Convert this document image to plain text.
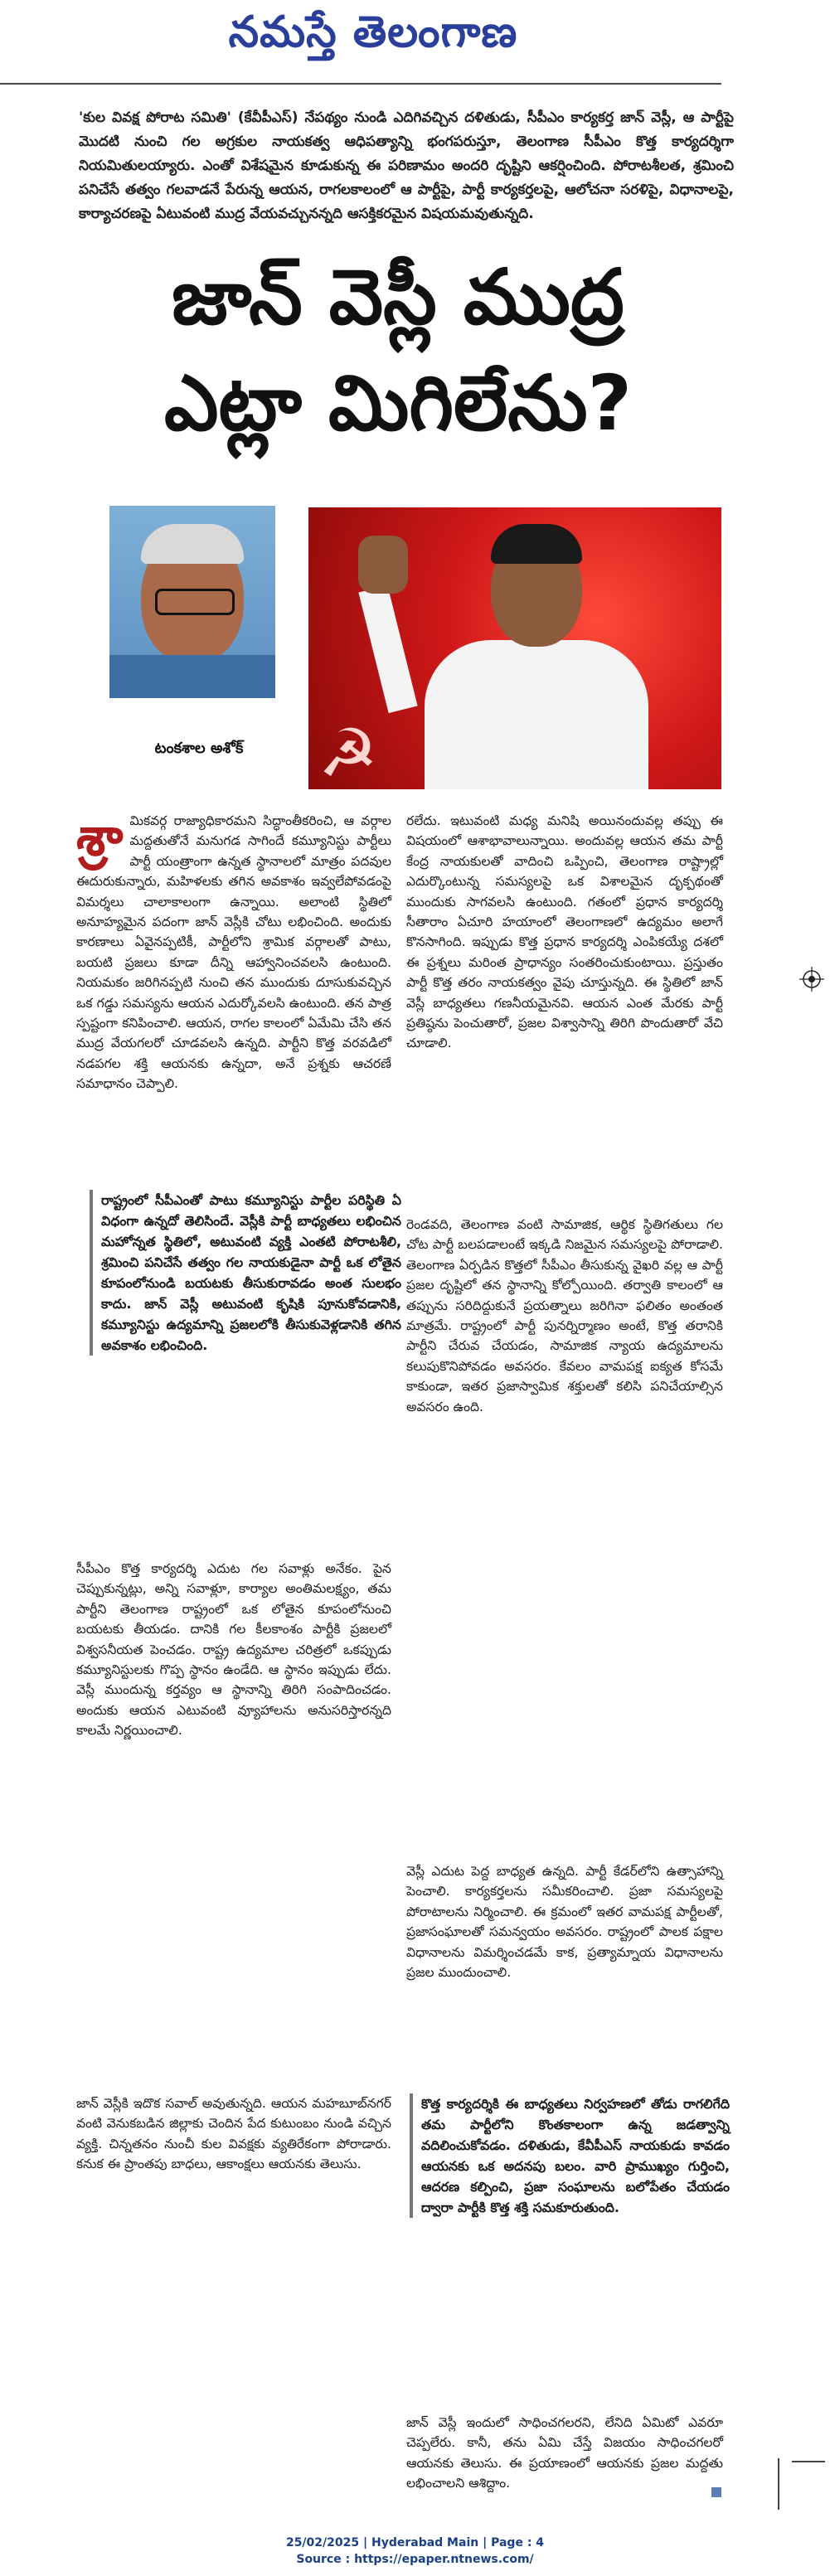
నమస్తే తెలంగాణ
'కుల వివక్ష పోరాట సమితి' (కేవీపీఎస్) నేపథ్యం నుండి ఎదిగివచ్చిన దళితుడు, సీపీఎం కార్యకర్త జాన్ వెస్లీ, ఆ పార్టీపై మొదటి నుంచి గల అగ్రకుల నాయకత్వ ఆధిపత్యాన్ని భంగపరుస్తూ, తెలంగాణ సీపీఎం కొత్త కార్యదర్శిగా నియమితులయ్యారు. ఎంతో విశేషమైన కూడుకున్న ఈ పరిణామం అందరి దృష్టిని ఆకర్షించింది. పోరాటశీలత, శ్రమించి పనిచేసే తత్వం గలవాడనే పేరున్న ఆయన, రాగలకాలంలో ఆ పార్టీపై, పార్టీ కార్యకర్తలపై, ఆలోచనా సరళిపై, విధానాలపై, కార్యాచరణపై ఏటువంటి ముద్ర వేయవచ్చునన్నది ఆసక్తికరమైన విషయమవుతున్నది.
జాన్ వెస్లీ ముద్ర
ఎట్లా మిగిలేను?
టంకశాల అశోక్	☭
శ్రా మికవర్గ రాజ్యాధికారమని సిద్ధాంతీకరించి, ఆ వర్గాల మద్దతుతోనే మనుగడ సాగిందే కమ్యూనిస్టు పార్టీలు పార్టీ యంత్రాంగా ఉన్నత స్థానాలలో మాత్రం పదవుల ఈదురుకున్నారు, మహిళలకు తగిన అవకాశం ఇవ్వలేపోవడంపై విమర్శలు చాలాకాలంగా ఉన్నాయి. అలాంటి స్థితిలో అనూహ్యమైన పదంగా జాన్ వెస్లీకి చోటు లభించింది. అందుకు కారణాలు ఏవైనప్పటికీ, పార్టీలోని శ్రామిక వర్గాలతో పాటు, బయటి ప్రజలు కూడా దీన్ని ఆహ్వానించవలసి ఉంటుంది. నియమకం జరిగినప్పటి నుంచి తన ముందుకు దూసుకువచ్చిన ఒక గడ్డు సమస్యను ఆయన ఎదుర్కోవలసి ఉంటుంది. తన పాత్ర స్పష్టంగా కనిపించాలి. ఆయన, రాగల కాలంలో ఏమేమి చేసి తన ముద్ర వేయగలరో చూడవలసి ఉన్నది. పార్టీని కొత్త వరవడిలో నడపగల శక్తి ఆయనకు ఉన్నదా, అనే ప్రశ్నకు ఆచరణే సమాధానం చెప్పాలి.
రలేదు. ఇటువంటి మధ్య మనిషి అయినందువల్ల తప్పు ఈ విషయంలో ఆశాభావాలున్నాయి. అందువల్ల ఆయన తమ పార్టీ కేంద్ర నాయకులతో వాదించి ఒప్పించి, తెలంగాణ రాష్ట్రాల్లో ఎదుర్కొంటున్న సమస్యలపై ఒక విశాలమైన దృక్పథంతో ముందుకు సాగవలసి ఉంటుంది. గతంలో ప్రధాన కార్యదర్శి సీతారాం ఏచూరి హయాంలో తెలంగాణలో ఉద్యమం అలాగే కొనసాగింది. ఇప్పుడు కొత్త ప్రధాన కార్యదర్శి ఎంపికయ్యే దశలో ఈ ప్రశ్నలు మరింత ప్రాధాన్యం సంతరించుకుంటాయి. ప్రస్తుతం పార్టీ కొత్త తరం నాయకత్వం వైపు చూస్తున్నది. ఈ స్థితిలో జాన్ వెస్లీ బాధ్యతలు గణనీయమైనవి. ఆయన ఎంత మేరకు పార్టీ ప్రతిష్ఠను పెంచుతారో, ప్రజల విశ్వాసాన్ని తిరిగి పొందుతారో వేచి చూడాలి.
రాష్ట్రంలో సీపీఎంతో పాటు కమ్యూనిస్టు పార్టీల పరిస్థితి ఏ విధంగా ఉన్నదో తెలిసిందే. వెస్లీకి పార్టీ బాధ్యతలు లభించిన మహోన్నత స్థితిలో, అటువంటి వ్యక్తి ఎంతటి పోరాటశీలి, శ్రమించి పనిచేసే తత్వం గల నాయకుడైనా పార్టీ ఒక లోతైన కూపంలోనుండి బయటకు తీసుకురావడం అంత సులభం కాదు. జాన్ వెస్లీ అటువంటి కృషికి పూనుకోవడానికి, కమ్యూనిస్టు ఉద్యమాన్ని ప్రజలలోకి తీసుకువెళ్లడానికి తగిన అవకాశం లభించింది.
రెండవది, తెలంగాణ వంటి సామాజిక, ఆర్థిక స్థితిగతులు గల చోట పార్టీ బలపడాలంటే ఇక్కడి నిజమైన సమస్యలపై పోరాడాలి. తెలంగాణ ఏర్పడిన కొత్తలో సీపీఎం తీసుకున్న వైఖరి వల్ల ఆ పార్టీ ప్రజల దృష్టిలో తన స్థానాన్ని కోల్పోయింది. తర్వాతి కాలంలో ఆ తప్పును సరిదిద్దుకునే ప్రయత్నాలు జరిగినా ఫలితం అంతంత మాత్రమే. రాష్ట్రంలో పార్టీ పునర్నిర్మాణం అంటే, కొత్త తరానికి పార్టీని చేరువ చేయడం, సామాజిక న్యాయ ఉద్యమాలను కలుపుకొనిపోవడం అవసరం. కేవలం వామపక్ష ఐక్యత కోసమే కాకుండా, ఇతర ప్రజాస్వామిక శక్తులతో కలిసి పనిచేయాల్సిన అవసరం ఉంది.
సీపీఎం కొత్త కార్యదర్శి ఎదుట గల సవాళ్లు అనేకం. పైన చెప్పుకున్నట్లు, అన్ని సవాళ్లూ, కార్యాల అంతిమలక్ష్యం, తమ పార్టీని తెలంగాణ రాష్ట్రంలో ఒక లోతైన కూపంలోనుంచి బయటకు తీయడం. దానికి గల కీలకాంశం పార్టీకి ప్రజలలో విశ్వసనీయత పెంచడం. రాష్ట్ర ఉద్యమాల చరిత్రలో ఒకప్పుడు కమ్యూనిస్టులకు గొప్ప స్థానం ఉండేది. ఆ స్థానం ఇప్పుడు లేదు. వెస్లీ ముందున్న కర్తవ్యం ఆ స్థానాన్ని తిరిగి సంపాదించడం. అందుకు ఆయన ఎటువంటి వ్యూహాలను అనుసరిస్తారన్నది కాలమే నిర్ణయించాలి.
వెస్లీ ఎదుట పెద్ద బాధ్యత ఉన్నది. పార్టీ కేడర్‌లోని ఉత్సాహాన్ని పెంచాలి. కార్యకర్తలను సమీకరించాలి. ప్రజా సమస్యలపై పోరాటాలను నిర్మించాలి. ఈ క్రమంలో ఇతర వామపక్ష పార్టీలతో, ప్రజాసంఘాలతో సమన్వయం అవసరం. రాష్ట్రంలో పాలక పక్షాల విధానాలను విమర్శించడమే కాక, ప్రత్యామ్నాయ విధానాలను ప్రజల ముందుంచాలి.
కొత్త కార్యదర్శికి ఈ బాధ్యతలు నిర్వహణలో తోడు రాగలిగేది తమ పార్టీలోని కొంతకాలంగా ఉన్న జడత్వాన్ని వదిలించుకోవడం. దళితుడు, కేవీపీఎస్ నాయకుడు కావడం ఆయనకు ఒక అదనపు బలం. వారి ప్రాముఖ్యం గుర్తించి, ఆదరణ కల్పించి, ప్రజా సంఘాలను బలోపేతం చేయడం ద్వారా పార్టీకి కొత్త శక్తి సమకూరుతుంది.
జాన్ వెస్లీకి ఇదొక సవాల్ అవుతున్నది. ఆయన మహబూబ్‌నగర్ వంటి వెనుకబడిన జిల్లాకు చెందిన పేద కుటుంబం నుండి వచ్చిన వ్యక్తి. చిన్నతనం నుంచీ కుల వివక్షకు వ్యతిరేకంగా పోరాడారు. కనుక ఈ ప్రాంతపు బాధలు, ఆకాంక్షలు ఆయనకు తెలుసు.
జాన్ వెస్లీ ఇందులో సాధించగలరని, లేనిది ఏమిటో ఎవరూ చెప్పలేరు. కానీ, తను ఏమి చేస్తే విజయం సాధించగలరో ఆయనకు తెలుసు. ఈ ప్రయాణంలో ఆయనకు ప్రజల మద్దతు లభించాలని ఆశిద్దాం.
25/02/2025 | Hyderabad Main | Page : 4
Source : https://epaper.ntnews.com/
